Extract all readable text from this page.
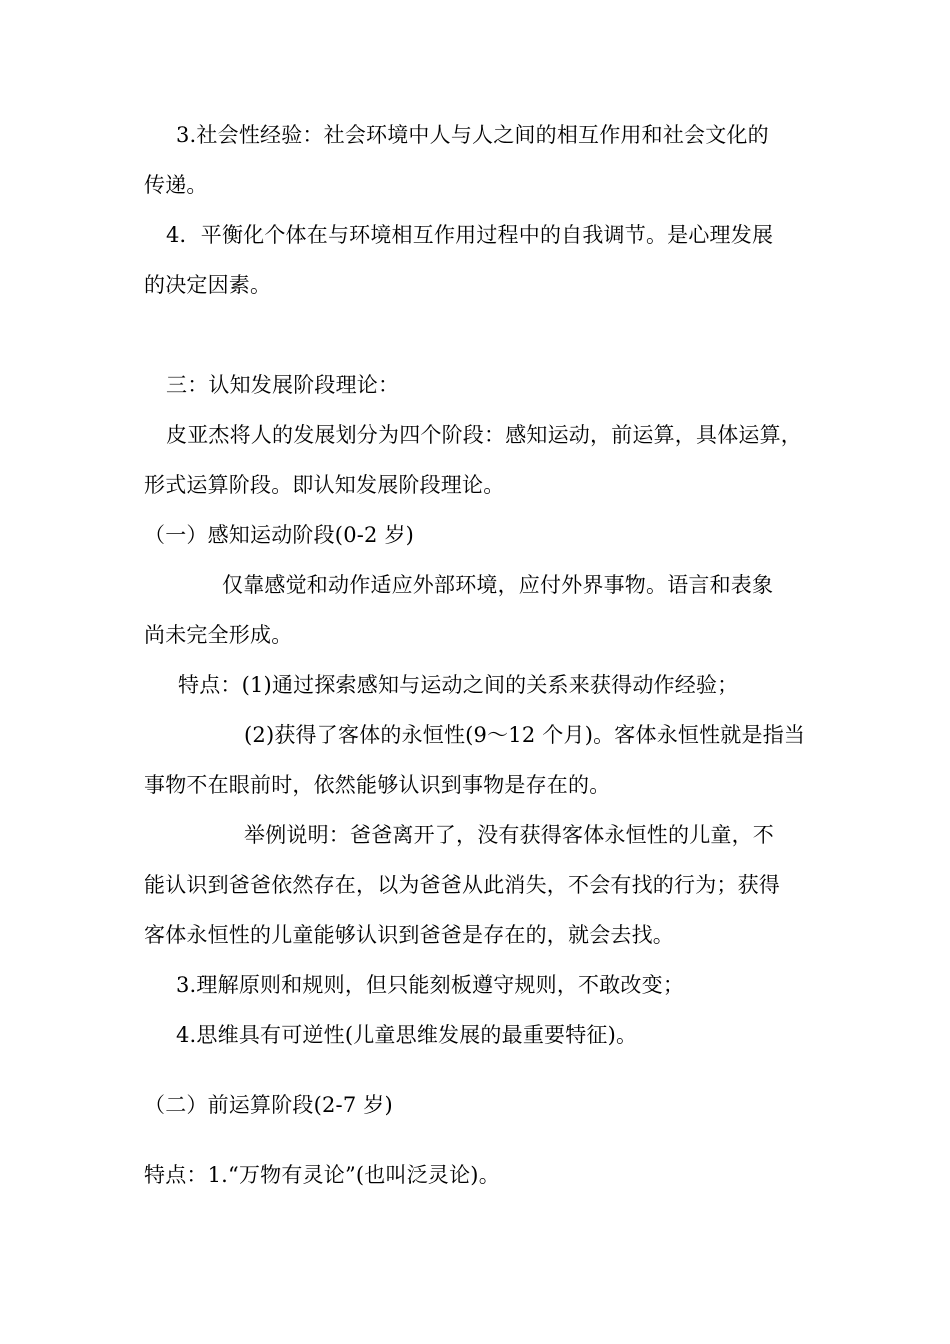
3.社会性经验：社会环境中人与人之间的相互作用和社会文化的
传递。
4．平衡化个体在与环境相互作用过程中的自我调节。是心理发展
的决定因素。
三：认知发展阶段理论：
皮亚杰将人的发展划分为四个阶段：感知运动，前运算，具体运算，
形式运算阶段。即认知发展阶段理论。
（一）感知运动阶段(0-2 岁)
仅靠感觉和动作适应外部环境，应付外界事物。语言和表象
尚未完全形成。
特点：(1)通过探索感知与运动之间的关系来获得动作经验；
(2)获得了客体的永恒性(9～12 个月)。客体永恒性就是指当
事物不在眼前时，依然能够认识到事物是存在的。
举例说明：爸爸离开了，没有获得客体永恒性的儿童，不
能认识到爸爸依然存在，以为爸爸从此消失，不会有找的行为；获得
客体永恒性的儿童能够认识到爸爸是存在的，就会去找。
3.理解原则和规则，但只能刻板遵守规则，不敢改变；
4.思维具有可逆性(儿童思维发展的最重要特征)。
（二）前运算阶段(2-7 岁)
特点：1.“万物有灵论”(也叫泛灵论)。
